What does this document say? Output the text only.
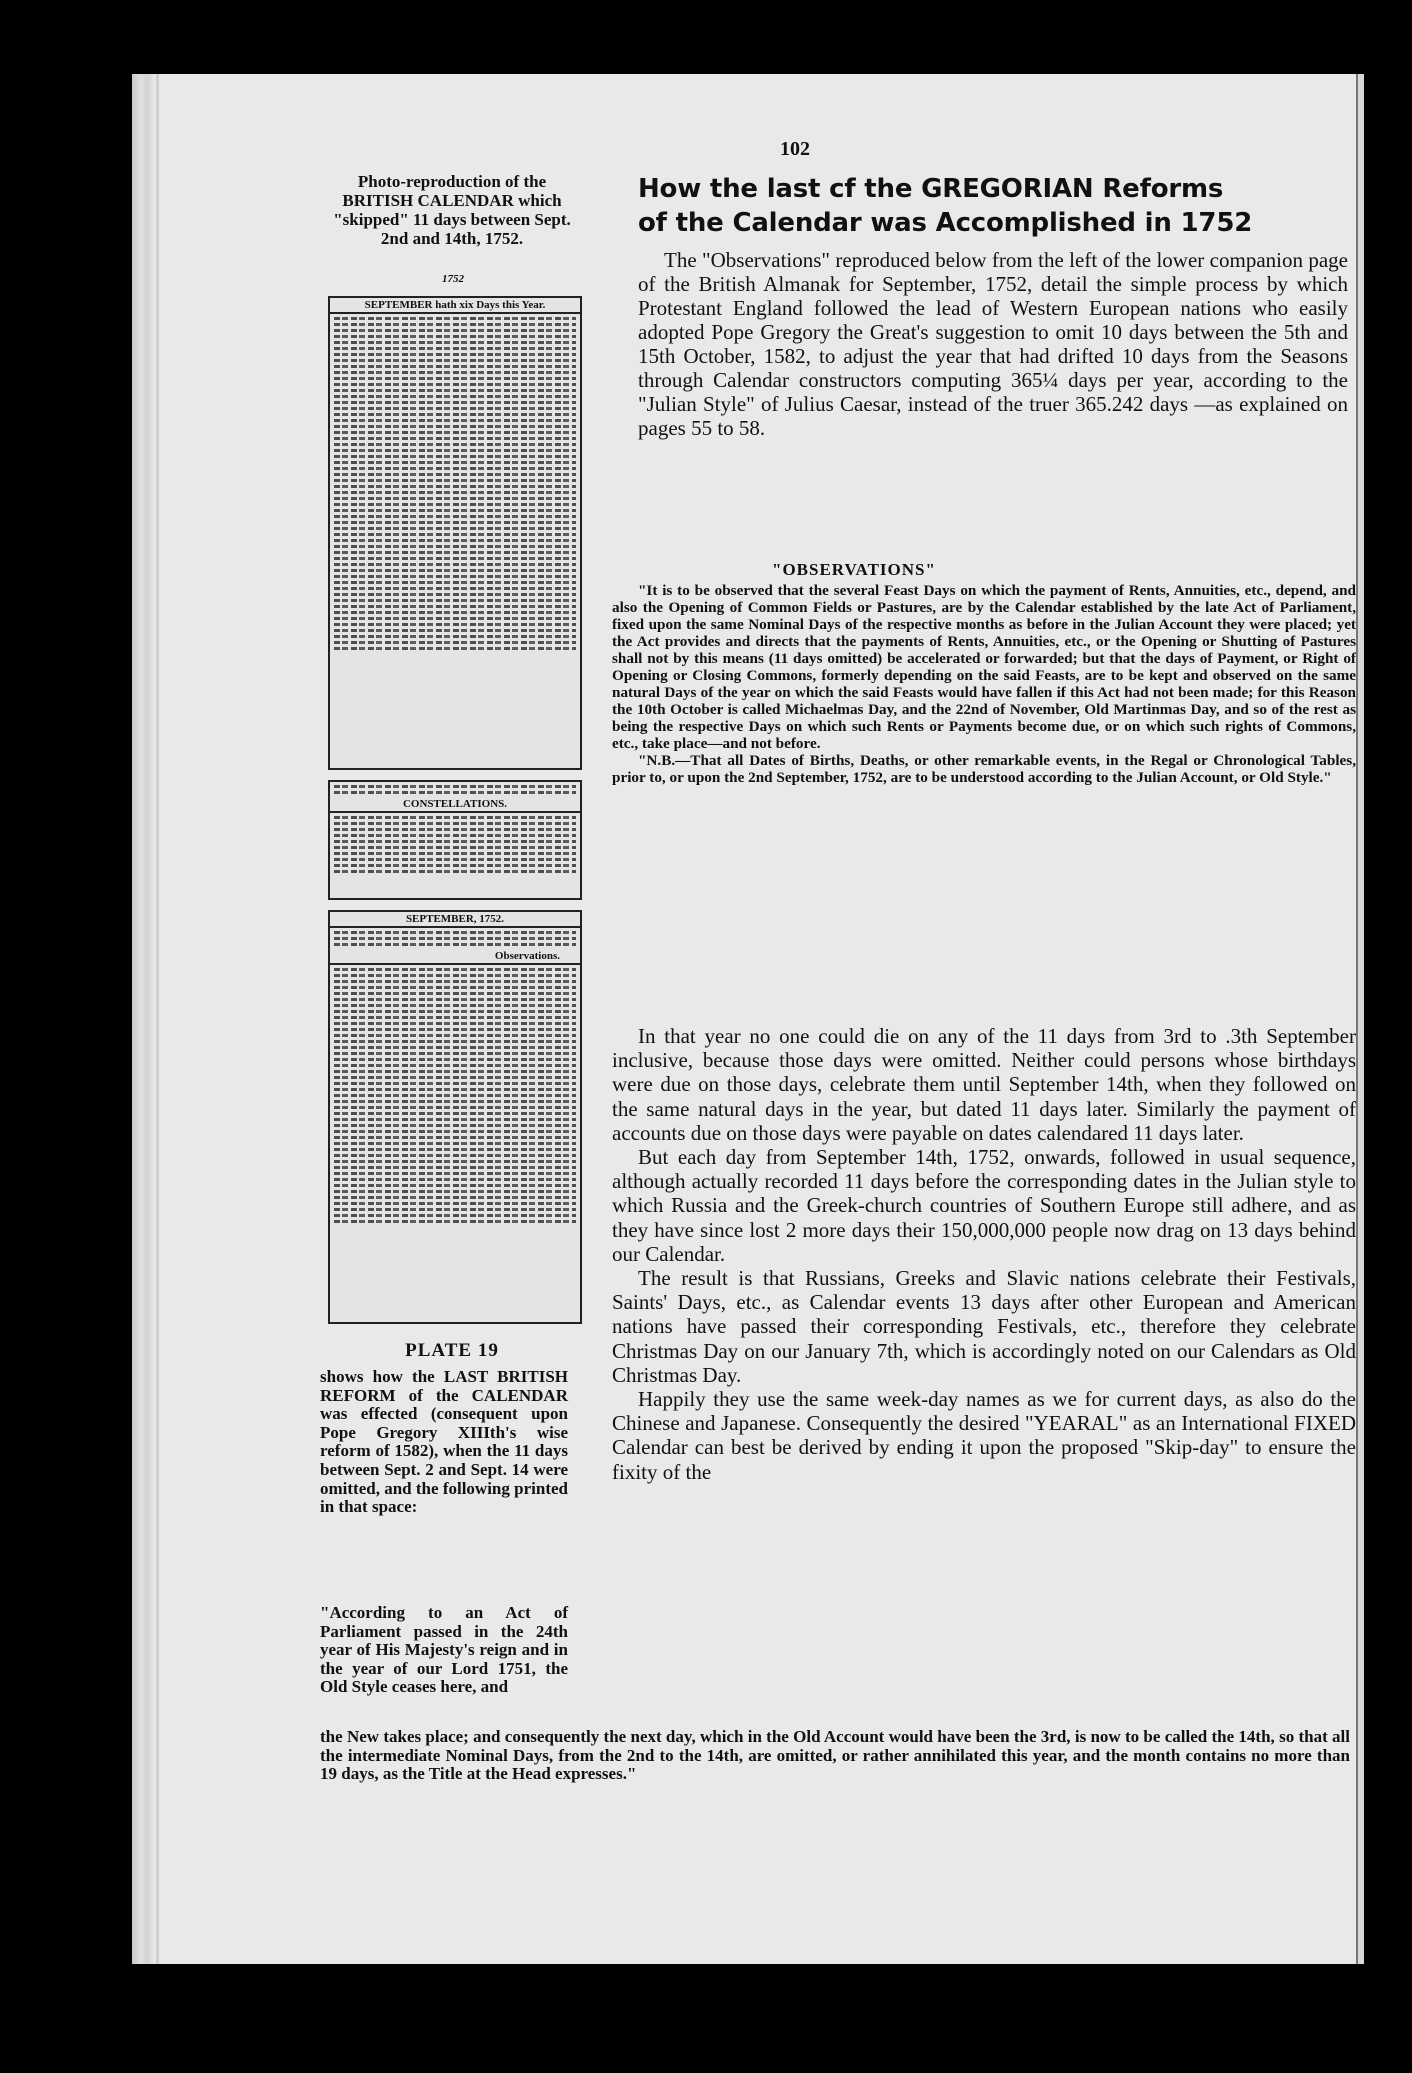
102
Photo-reproduction of the BRITISH CALENDAR which "skipped" 11 days between Sept. 2nd and 14th, 1752.
1752
SEPTEMBER hath xix Days this Year.
CONSTELLATIONS.
SEPTEMBER, 1752.
Observations.
How the last cf the GREGORIAN Reforms
of the Calendar was Accomplished in 1752

The "Observations" reproduced below from the left of the lower companion page of the British Almanak for September, 1752, detail the simple process by which Protestant England followed the lead of Western European nations who easily adopted Pope Gregory the Great's suggestion to omit 10 days between the 5th and 15th October, 1582, to adjust the year that had drifted 10 days from the Seasons through Calendar constructors computing 365¼ days per year, according to the "Julian Style" of Julius Caesar, instead of the truer 365.242 days —as explained on pages 55 to 58.

"OBSERVATIONS"

"It is to be observed that the several Feast Days on which the payment of Rents, Annuities, etc., depend, and also the Opening of Common Fields or Pastures, are by the Calendar established by the late Act of Parliament, fixed upon the same Nominal Days of the respective months as before in the Julian Account they were placed; yet the Act provides and directs that the payments of Rents, Annuities, etc., or the Opening or Shutting of Pastures shall not by this means (11 days omitted) be accelerated or forwarded; but that the days of Payment, or Right of Opening or Closing Commons, formerly depending on the said Feasts, are to be kept and observed on the same natural Days of the year on which the said Feasts would have fallen if this Act had not been made; for this Reason the 10th October is called Michaelmas Day, and the 22nd of November, Old Martinmas Day, and so of the rest as being the respective Days on which such Rents or Payments become due, or on which such rights of Commons, etc., take place—and not before.

"N.B.—That all Dates of Births, Deaths, or other remarkable events, in the Regal or Chronological Tables, prior to, or upon the 2nd September, 1752, are to be understood according to the Julian Account, or Old Style."

In that year no one could die on any of the 11 days from 3rd to .3th September inclusive, because those days were omitted. Neither could persons whose birthdays were due on those days, celebrate them until September 14th, when they followed on the same natural days in the year, but dated 11 days later. Similarly the payment of accounts due on those days were payable on dates calendared 11 days later.

But each day from September 14th, 1752, onwards, followed in usual sequence, although actually recorded 11 days before the corresponding dates in the Julian style to which Russia and the Greek-church countries of Southern Europe still adhere, and as they have since lost 2 more days their 150,000,000 people now drag on 13 days behind our Calendar.

The result is that Russians, Greeks and Slavic nations celebrate their Festivals, Saints' Days, etc., as Calendar events 13 days after other European and American nations have passed their corresponding Festivals, etc., therefore they celebrate Christmas Day on our January 7th, which is accordingly noted on our Calendars as Old Christmas Day.

Happily they use the same week-day names as we for current days, as also do the Chinese and Japanese. Consequently the desired "YEARAL" as an International FIXED Calendar can best be derived by ending it upon the proposed "Skip-day" to ensure the fixity of the

PLATE 19
shows how the LAST BRITISH REFORM of the CALENDAR was effected (consequent upon Pope Gregory XIIIth's wise reform of 1582), when the 11 days between Sept. 2 and Sept. 14 were omitted, and the following printed in that space:
"According to an Act of Parliament passed in the 24th year of His Majesty's reign and in the year of our Lord 1751, the Old Style ceases here, and
the New takes place; and consequently the next day, which in the Old Account would have been the 3rd, is now to be called the 14th, so that all the intermediate Nominal Days, from the 2nd to the 14th, are omitted, or rather annihilated this year, and the month contains no more than 19 days, as the Title at the Head expresses."
